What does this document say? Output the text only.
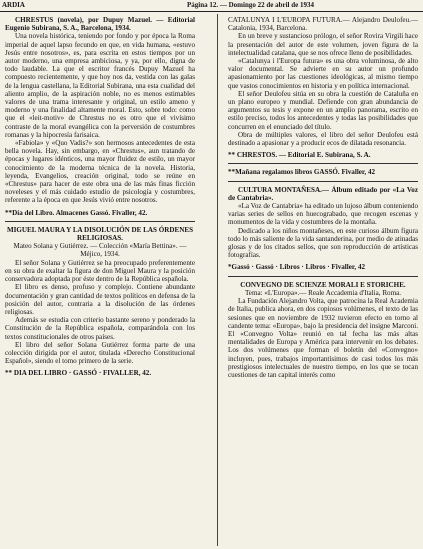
ARDIA	Página 12. — Domingo 22 de abril de 1934

CHRESTUS (novela), por Dupuy Mazuel. — Editorial Eugenio Subirana, S. A., Barcelona, 1934.

Una novela histórica, teniendo por fondo y por época la Roma imperial de aquel lapso fecundo en que, en vida humana, «estuvo Jesús entre nosotros», es, para escrita en estos tiempos por un autor moderno, una empresa ambiciosa, y ya, por ello, digna de todo laudable. La que el escritor francés Dupuy Mazuel ha compuesto recientemente, y que hoy nos da, vestida con las galas de la lengua castellana, la Editorial Subirana, una esta cualidad del aliento amplio, de la aspiración noble, no es menos estimables valores de una trama interesante y original, un estilo ameno y moderno y una finalidad altamente moral. Esto, sobre todo: como que el «leit-motiv» de Chrestus no es otro que el vivísimo contraste de la moral evangélica con la perversión de costumbres romanas y la hipocresía farisaica.

«Fabiola» y «Quo Vadis?» son hermosos antecedentes de esta bella novela. Hay, sin embargo, en «Chrestus», aun tratando de épocas y lugares idénticos, una mayor fluidez de estilo, un mayor conocimiento de la moderna técnica de la novela. Historia, leyenda, Evangelios, creación original, todo se reúne en «Chrestus» para hacer de este obra una de las más finas ficción noveleses y el más cuidado estudio de psicología y costumbres, referente a la época en que Jesús vivió entre nosotros.

**Día del Libro. Almacenes Gassó. Fivaller, 42.

MIGUEL MAURA Y LA DISOLUCIÓN DE LAS ÓRDENES RELIGIOSAS.

Mateo Solana y Gutiérrez. — Colección «María Bettina». — Méjico, 1934.

El señor Solana y Gutiérrez se ha preocupado preferentemente en su obra de exaltar la figura de don Miguel Maura y la posición conservadora adoptada por éste dentro de la República española.

El libro es denso, profuso y complejo. Contiene abundante documentación y gran cantidad de textos políticos en defensa de la posición del autor, contraria a la disolución de las órdenes religiosas.

Además se estudia con criterio bastante sereno y ponderado la Constitución de la República española, comparándola con los textos constitucionales de otros países.

El libro del señor Solana Gutiérrez forma parte de una colección dirigida por el autor, titulada «Derecho Constitucional Español», siendo el tomo primero de la serie.

** DIA DEL LIBRO · GASSÓ · FIVALLER, 42.

CATALUNYA I L'EUROPA FUTURA.— Alejandro Deulofeu.— Catalonia, 1934, Barcelona.

En un breve y sustancioso prólogo, el señor Rovira Virgili hace la presentación del autor de este volumen, joven figura de la intelectualidad catalana, que se nos ofrece lleno de posibilidades.

«Catalunya i l'Europa futura» es una obra voluminosa, de alto valor documental. Se advierte en su autor un profundo apasionamiento por las cuestiones ideológicas, al mismo tiempo que vastos conocimientos en historia y en política internacional.

El señor Deulofeu sitúa en su obra la cuestión de Cataluña en un plano europeo y mundial. Defiende con gran abundancia de argumentos su tesis y expone en un amplio panorama, escrito en estilo preciso, todos los antecedentes y todas las posibilidades que concurren en el enunciado del título.

Obra de múltiples valores, el libro del señor Deulofeu está destinado a apasionar y a producir ecos de dilatada resonancia.

** CHRESTOS. — Editorial E. Subirana, S. A.

**Mañana regalamos libros GASSÓ. Fivaller, 42

CULTURA MONTAÑESA.— Álbum editado por «La Voz de Cantabria».

«La Voz de Cantabria» ha editado un lujoso álbum conteniendo varias series de sellos en huecograbado, que recogen escenas y monumentos de la vida y costumbres de la montaña.

Dedicado a los niños montañeses, en este curioso álbum figura todo lo más saliente de la vida santanderina, por medio de atinadas glosas y de los citados sellos, que son reproducción de artísticas fotografías.

*Gassó · Gassó · Libros · Libros · Fivaller, 42

CONVEGNO DE SCIENZE MORALI E STORICHE.

Tema: «L'Europa».— Reale Accademia d'Italia, Roma.

La Fundación Alejandro Volta, que patrocina la Real Academia de Italia, publica ahora, en dos copiosos volúmenes, el texto de las sesiones que en noviembre de 1932 tuvieron efecto en torno al candente tema: «Europa», bajo la presidencia del insigne Marconi. El «Convegno Volta» reunió en tal fecha las más altas mentalidades de Europa y América para intervenir en los debates. Los dos volúmenes que forman el boletín del «Convegno» incluyen, pues, trabajos importantísimos de casi todos los más prestigiosos intelectuales de nuestro tiempo, en los que se tocan cuestiones de tan capital interés como
